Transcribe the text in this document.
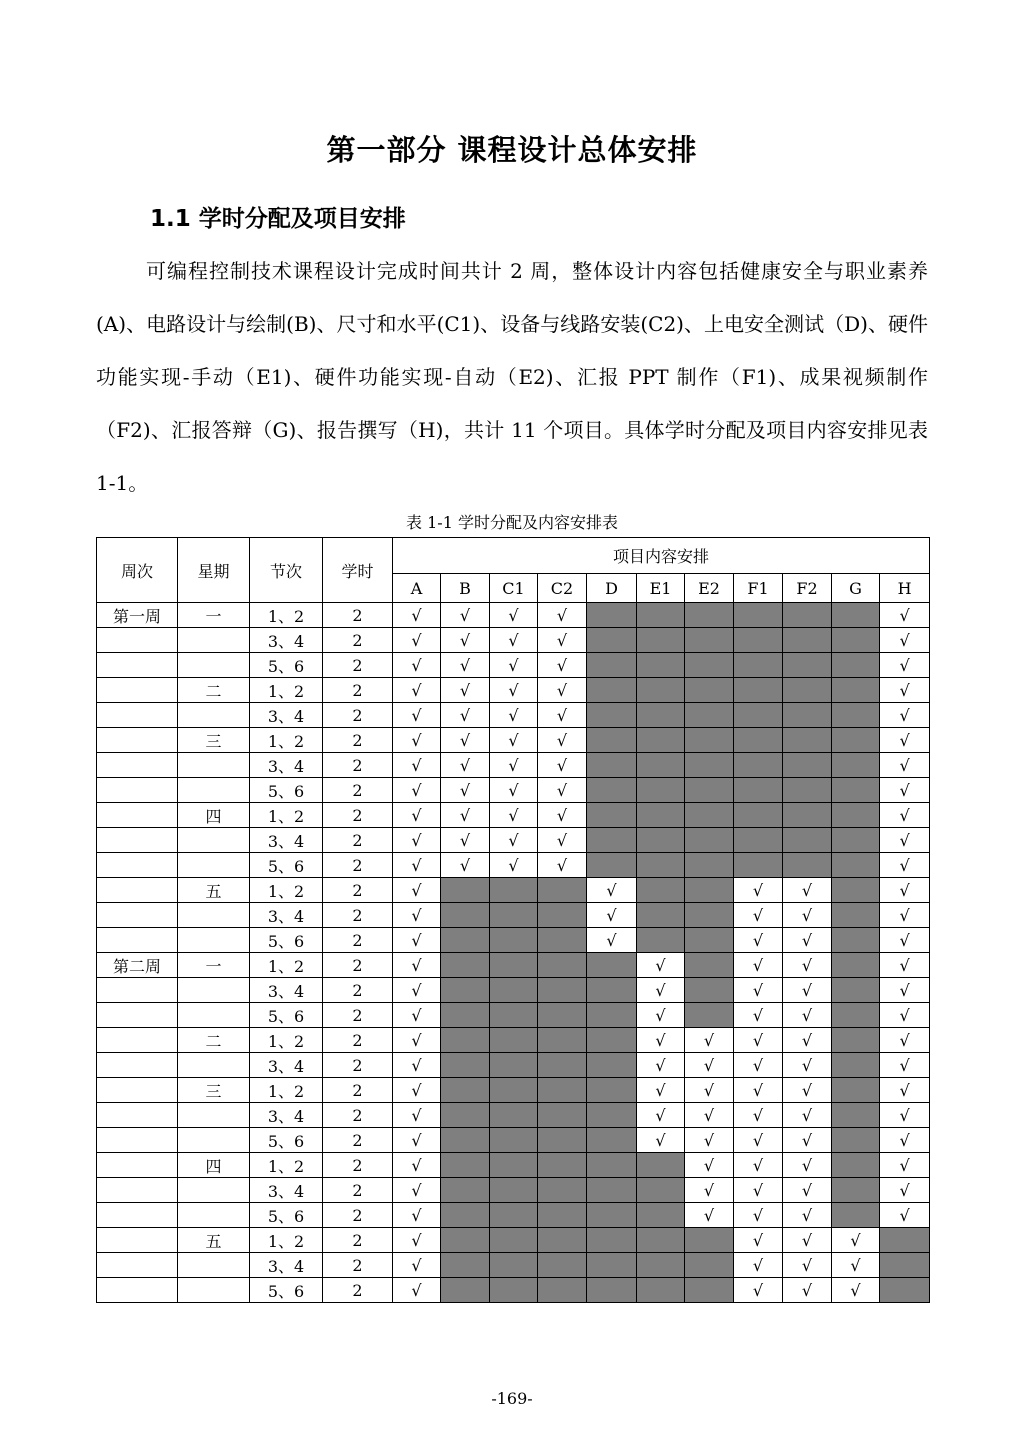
第一部分 课程设计总体安排
1.1 学时分配及项目安排

可编程控制技术课程设计完成时间共计 2 周，整体设计内容包括健康安全与职业素养(A)、电路设计与绘制(B)、尺寸和水平(C1)、设备与线路安装(C2)、上电安全测试（D)、硬件功能实现-手动（E1)、硬件功能实现-自动（E2)、汇报 PPT 制作（F1)、成果视频制作（F2)、汇报答辩（G)、报告撰写（H)，共计 11 个项目。具体学时分配及项目内容安排见表 1-1。

表 1-1 学时分配及内容安排表
周次	星期	节次	学时	项目内容安排										
				A	B	C1	C2	D	E1	E2	F1	F2	G	H
第一周	一	1、2	2	√	√	√	√							√
		3、4	2	√	√	√	√							√
		5、6	2	√	√	√	√							√
	二	1、2	2	√	√	√	√							√
		3、4	2	√	√	√	√							√
	三	1、2	2	√	√	√	√							√
		3、4	2	√	√	√	√							√
		5、6	2	√	√	√	√							√
	四	1、2	2	√	√	√	√							√
		3、4	2	√	√	√	√							√
		5、6	2	√	√	√	√							√
	五	1、2	2	√				√			√	√		√
		3、4	2	√				√			√	√		√
		5、6	2	√				√			√	√		√
第二周	一	1、2	2	√					√		√	√		√
		3、4	2	√					√		√	√		√
		5、6	2	√					√		√	√		√
	二	1、2	2	√					√	√	√	√		√
		3、4	2	√					√	√	√	√		√
	三	1、2	2	√					√	√	√	√		√
		3、4	2	√					√	√	√	√		√
		5、6	2	√					√	√	√	√		√
	四	1、2	2	√						√	√	√		√
		3、4	2	√						√	√	√		√
		5、6	2	√						√	√	√		√
	五	1、2	2	√							√	√	√	
		3、4	2	√							√	√	√	
		5、6	2	√							√	√	√	
-169-
